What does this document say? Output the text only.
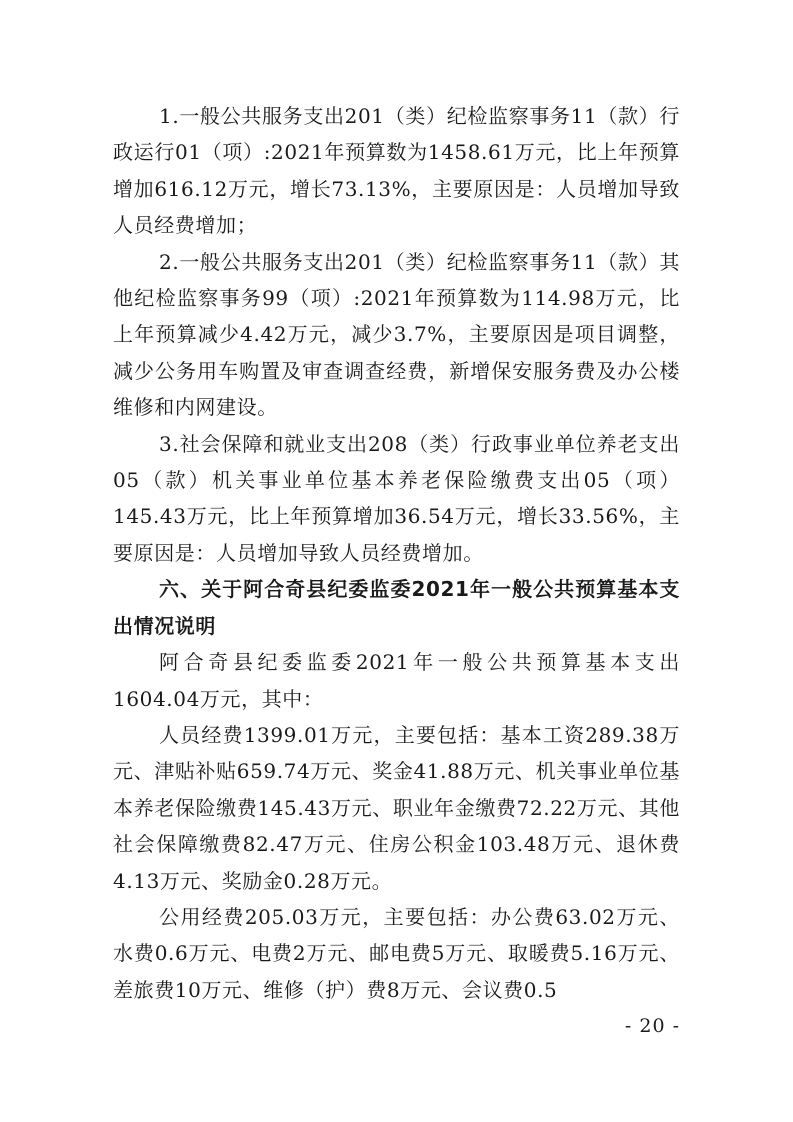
1.一般公共服务支出201（类）纪检监察事务11（款）行政运行01（项）:2021年预算数为1458.61万元，比上年预算增加616.12万元，增长73.13%，主要原因是：人员增加导致人员经费增加；

2.一般公共服务支出201（类）纪检监察事务11（款）其他纪检监察事务99（项）:2021年预算数为114.98万元，比上年预算减少4.42万元，减少3.7%，主要原因是项目调整，减少公务用车购置及审查调查经费，新增保安服务费及办公楼维修和内网建设。

3.社会保障和就业支出208（类）行政事业单位养老支出05（款）机关事业单位基本养老保险缴费支出05（项）145.43万元，比上年预算增加36.54万元，增长33.56%，主要原因是：人员增加导致人员经费增加。

六、关于阿合奇县纪委监委2021年一般公共预算基本支出情况说明

阿合奇县纪委监委2021年一般公共预算基本支出1604.04万元，其中：

人员经费1399.01万元，主要包括：基本工资289.38万元、津贴补贴659.74万元、奖金41.88万元、机关事业单位基本养老保险缴费145.43万元、职业年金缴费72.22万元、其他社会保障缴费82.47万元、住房公积金103.48万元、退休费4.13万元、奖励金0.28万元。

公用经费205.03万元，主要包括：办公费63.02万元、水费0.6万元、电费2万元、邮电费5万元、取暖费5.16万元、差旅费10万元、维修（护）费8万元、会议费0.5

- 20 -
